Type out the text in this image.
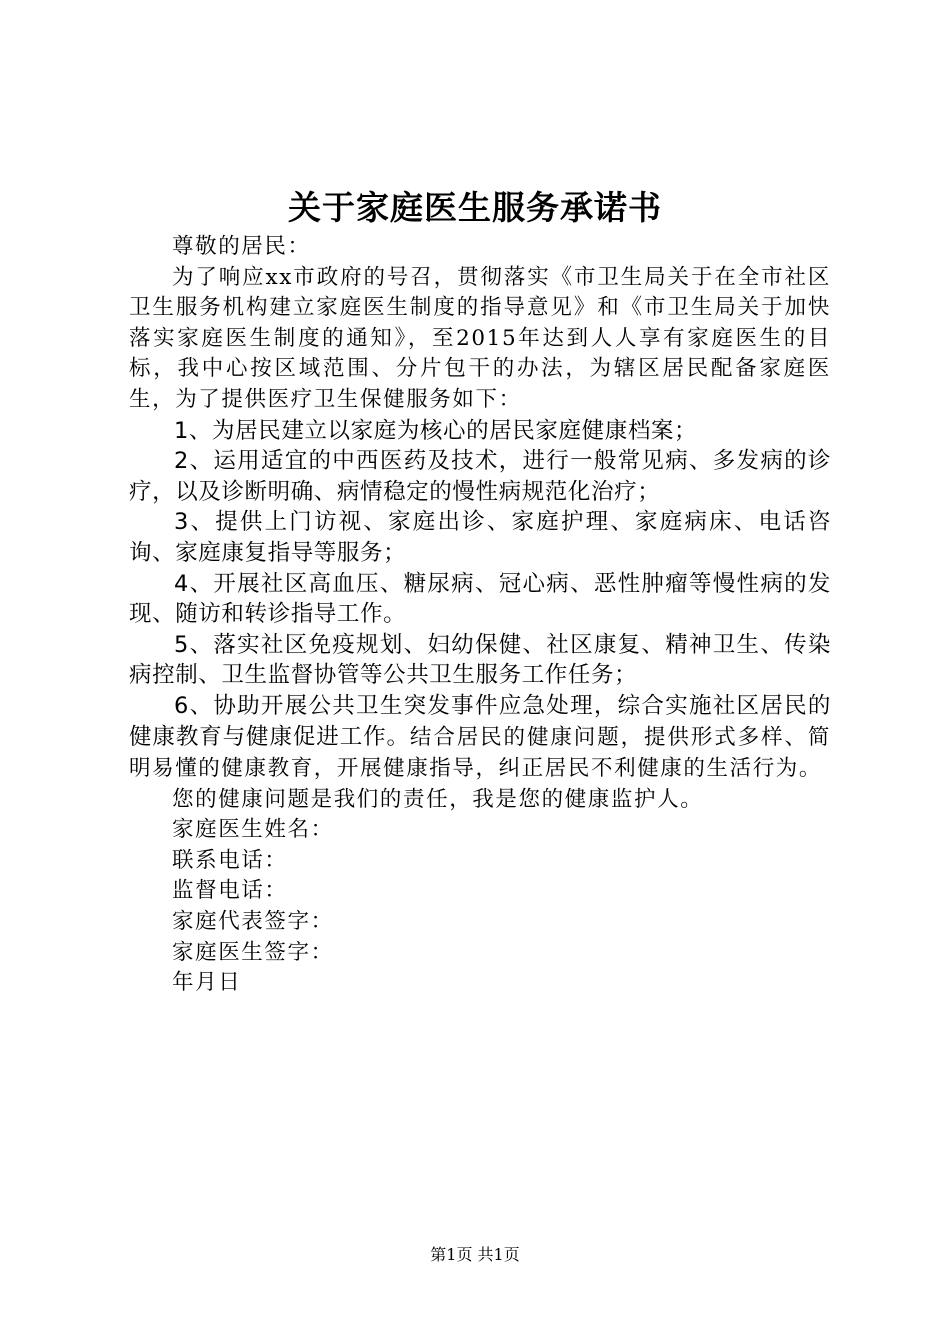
关于家庭医生服务承诺书

尊敬的居民：

为了响应xx市政府的号召，贯彻落实《市卫生局关于在全市社区卫生服务机构建立家庭医生制度的指导意见》和《市卫生局关于加快落实家庭医生制度的通知》，至2015年达到人人享有家庭医生的目标，我中心按区域范围、分片包干的办法，为辖区居民配备家庭医生，为了提供医疗卫生保健服务如下：

1、为居民建立以家庭为核心的居民家庭健康档案；

2、运用适宜的中西医药及技术，进行一般常见病、多发病的诊疗，以及诊断明确、病情稳定的慢性病规范化治疗；

3、提供上门访视、家庭出诊、家庭护理、家庭病床、电话咨询、家庭康复指导等服务；

4、开展社区高血压、糖尿病、冠心病、恶性肿瘤等慢性病的发现、随访和转诊指导工作。

5、落实社区免疫规划、妇幼保健、社区康复、精神卫生、传染病控制、卫生监督协管等公共卫生服务工作任务；

6、协助开展公共卫生突发事件应急处理，综合实施社区居民的健康教育与健康促进工作。结合居民的健康问题，提供形式多样、简明易懂的健康教育，开展健康指导，纠正居民不利健康的生活行为。

您的健康问题是我们的责任，我是您的健康监护人。

家庭医生姓名：

联系电话：

监督电话：

家庭代表签字：

家庭医生签字：

年月日

第1页 共1页
